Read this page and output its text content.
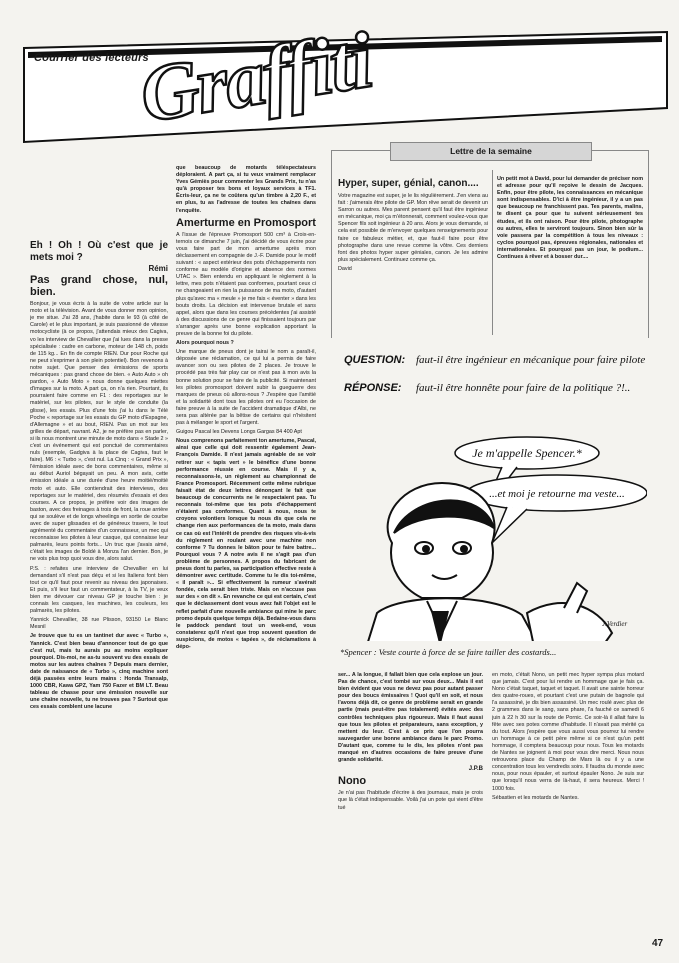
Courrier des lecteurs
Graffiti
Eh ! Oh ! Où c'est que je mets moi ?
Rémi
Pas grand chose, nul, bien.

Bonjour, je vous écris à la suite de votre article sur la moto et la télévision. Avant de vous donner mon opinion, je me situe. J'ai 28 ans, j'habite dans le 93 (à côté de Carole) et le plus important, je suis passionné de vitesse motocycliste (à ce propos, j'attendais mieux des Cagiva, vo les interview de Chevallier que j'ai lues dans la presse spécialisée : cadre en carbone, moteur de 148 ch, poids de 115 kg... En fin de compte RIEN. Dur pour Roche qui ne peut s'exprimer à son plein potentiel). Bon revenons à notre sujet. Que penser des émissions de sports mécaniques : pas grand chose de bien. « Auto Auto » oh pardon, « Auto Moto » nous donne quelques miettes d'images sur la moto. A part ça, on n'a rien. Pourtant, ils pourraient faire comme en F1 : des reportages sur le matériel, sur les pilotes, sur le style de conduite (la glisse), les essais. Plus d'une fois j'ai lu dans le Télé Poche « reportage sur les essais du GP moto d'Espagne, d'Allemagne » et au bout, RIEN. Pas un mot sur les grilles de départ, navrant. A2, je ne préfère pas en parler, si ils nous montrent une minute de moto dans « Stade 2 » c'est un événement qui est ponctué de commentaires nuls (exemple, Gadgiva à la place de Cagiva, faut le faire). M6 : « Turbo », c'est nul. La Cinq : « Grand Prix », l'émission idéale avec de bons commentaires, même si au début Auriol bégayait un peu. A mon avis, cette émission idéale a une durée d'une heure moitié/moitié moto et auto. Elle contiendrait des interviews, des reportages sur le matériel, des résumés d'essais et des courses. A ce propos, je préfère voir des images de baston, avec des freinages à trois de front, la roue arrière qui se soulève et de longs wheelings en sortie de courbe avec de super glissades et de généreux travers, le tout agrémenté du commentaire d'un connaisseur, un mec qui reconnaisse les pilotes à leur casque, qui connaisse leur palmarès, leurs points forts... Un truc que j'avais aimé, c'était les images de Boldé à Monza l'an dernier. Bon, je ne vois plus trop quoi vous dire, alors salut.

P.S. : refaites une interview de Chevallier en lui demandant s'il n'est pas déçu et si les Italiens font bien tout ce qu'il faut pour revenir au niveau des japonaises. Et puis, s'il leur faut un commentateur, à la TV, je veux bien me dévouer car niveau GP je touche bien : je connais les casques, les machines, les couleurs, les palmarès, les pilotes.

Yannick Chevallier, 38 rue Plisson, 93150 Le Blanc Mesnil

Je trouve que tu es un tantinet dur avec « Turbo », Yannick. C'est bien beau d'annoncer tout de go que c'est nul, mais tu aurais pu au moins expliquer pourquoi. Dis-moi, ne as-tu souvent vu des essais de motos sur les autres chaînes ? Depuis mars dernier, date de naissance de « Turbo », cinq machine sont déjà passées entre leurs mains : Honda Transalp, 1000 CBR, Kawa GPZ, Yam 750 Fazer et BM LT. Beau tableau de chasse pour une émission nouvelle sur une chaîne nouvelle, tu ne trouves pas ? Surtout que ces essais comblent une lacune

que beaucoup de motards téléspectateurs déploraient. A part ça, si tu veux vraiment remplacer Yves Gémiès pour commenter les Grands Prix, tu n'as qu'à proposer tes bons et loyaux services à TF1. Écris-leur, ça ne te coûtera qu'un timbre à 2,20 F., et en plus, tu as l'adresse de toutes les chaînes dans l'enquête.

Amerturme en Promosport

A l'issue de l'épreuve Promosport 500 cm³ à Croix-en-ternois ce dimanche 7 juin, j'ai décidé de vous écrire pour vous faire part de mon amertume après mon déclassement en compagnie de J.-F. Damide pour le motif suivant : « aspect extérieur des pots d'échappements non conforme au modèle d'origine et absence des normes UTAC ». Bien entendu en appliquant le règlement à la lettre, mes pots n'étaient pas conformes, pourtant ceux ci ne changeaient en rien la puissance de ma moto, d'autant plus qu'avec ma « meule » je me fais « éventer » dans les bouts droits. La décision est intervenue brutale et sans appel, alors que dans les courses précédentes j'ai assisté à des discussions de ce genre qui finissaient toujours par s'arranger après une bonne explication apportant la preuve de la bonne foi du pilote.

Alors pourquoi nous ?

Une marque de pneus dont je tairai le nom a paraît-il, déposée une réclamation, ce qui lui a permis de faire avancer son ou ses pilotes de 2 places. Je trouve le procédé pas très fair play car ce n'est pas à mon avis la bonne solution pour se faire de la publicité. Si maintenant les pilotes promosport doivent subir la gueguerre des marques de pneus où allons-nous ? J'espère que l'amitié et la solidarité dont tous les pilotes ont eu l'occasion de faire preuve à la suite de l'accident dramatique d'Albi, ne sera pas altérée par la bêtise de certains qui n'hésitent pas à mélanger le sport et l'argent.

Guigou Pascal les Devens Longs Gargas 84 400 Apt

Nous comprenons parfaitement ton amertume, Pascal, ainsi que celle qui doit ressentir également Jean-François Damide. Il n'est jamais agréable de se voir retirer sur « tapis vert » le bénéfice d'une bonne performance réussie en course. Mais il y a, reconnaissons-le, un règlement au championnat de France Promosport. Récemment cette même rubrique faisait état de deux lettres dénonçant le fait que beaucoup de concurrents ne le respectaient pas. Tu reconnais toi-même que tes pots d'échappement n'étaient pas conformes. Quant à nous, nous te croyons volontiers lorsque tu nous dis que cela ne change rien aux performances de ta moto, mais dans ce cas où est l'intérêt de prendre des risques vis-à-vis du règlement en roulant avec une machine non conforme ? Tu donnes le bâton pour te faire battre... Pourquoi vous ? A notre avis il ne s'agit pas d'un problème de personnes. A propos du fabricant de pneus dont tu parles, sa participation effective reste à démontrer avec certitude. Comme tu le dis toi-même, « il paraît »... Si effectivement la rumeur s'avérait fondée, cela serait bien triste. Mais on n'accuse pas sur des « on dit ». En revanche ce qui est certain, c'est que le déclassement dont vous avez fait l'objet est le reflet parfait d'une nouvelle ambiance qui mine le parc promo depuis quelque temps déjà. Bedaine-vous dans le paddock pendant tout un week-end, vous constaterez qu'il n'est que trop souvent question de suspicions, de motos « tapées », de réclamations à dépo-

Lettre de la semaine
Hyper, super, génial, canon....

Votre magazine est super, je le lis régulièrement. J'en viens au fait : j'aimerais être pilote de GP. Mon rêve serait de devenir un Sarron ou autres. Mes parent pensent qu'il faut être ingénieur en mécanique, moi ça m'étonnerait, comment voulez-vous que Spencer fils soit ingénieur à 20 ans. Alors je vous demande, si cela est possible de m'envoyer quelques renseignements pour faire ce fabuleux métier, et, que faut-il faire pour être photographe dans une revue comme la vôtre. Ces derniers font des photos hyper super géniales, canon. Je les admire plus spécialement. Continuez comme ça.

David

Un petit mot à David, pour lui demander de préciser nom et adresse pour qu'il reçoive le dessin de Jacques. Enfin, pour être pilote, les connaissances en mécanique sont indispensables. D'ici à être ingénieur, il y a un pas que beaucoup ne franchissent pas. Tes parents, malins, te disent ça pour que tu suivent sérieusement tes études, et ils ont raison. Pour être pilote, photographe ou autres, elles te serviront toujours. Sinon bien sûr la voie passera par la compétition à tous les niveaux : cyclos pourquoi pas, épreuves régionales, nationales et internationales. Et pourquoi pas un jour, le podium... Continues à rêver et à bosser dur....

QUESTION: faut-il être ingénieur en mécanique pour faire pilote ?!..
RÉPONSE: faut-il être honnête pour faire de la politique ?!..
Je m'appelle Spencer.*
...et moi je retourne ma veste...
J.Verdier
*Spencer : Veste courte à force de se faire tailler des costards...

ser... A la longue, il fallait bien que cela explose un jour. Pas de chance, c'est tombé sur vous deux... Mais il est bien évident que vous ne devez pas pour autant passer pour des boucs émissaires ! Quoi qu'il en soit, et nous l'avons déjà dit, ce genre de problème serait en grande partie (mais peut-être pas totalement) évités avec des contrôles techniques plus rigoureux. Mais il faut aussi que tous les pilotes et préparateurs, sans exception, y mettent du leur. C'est à ce prix que l'on pourra sauvegarder une bonne ambiance dans le parc Promo. D'autant que, comme tu le dis, les pilotes n'ont pas manqué en d'autres occasions de faire preuve d'une grande solidarité.

J.P.B
Nono

Je n'ai pas l'habitude d'écrire à des journaux, mais je crois que là c'était indispensable. Voilà j'ai un pote qui vient d'être tué

en moto, c'était Nono, un petit mec hyper sympa plus motard que jamais. C'est pour lui rendre un hommage que je fais ça. Nono c'était taquet, taquet et taquet. Il avait une sainte horreur des quatre-roues, et pourtant c'est une putain de bagnole qui l'a assassiné, je dis bien assassiné. Un mec roulé avec plus de 2 grammes dans le sang, sans phare, l'a fauché ce samedi 6 juin à 22 h 30 sur la route de Pornic. Ce soir-là il allait faire la fête avec ses potes comme d'habitude. Il n'avait pas mérité ça du tout. Alors j'espère que vous aussi vous pourrez lui rendre un hommage à ce petit père même si ce n'est qu'un petit hommage, il comptera beaucoup pour nous. Tous les motards de Nantes se joignent à moi pour vous dire merci. Nous nous retrouvons place du Champ de Mars là ou il y a une concentration tous les vendredis soirs. Il faudra du monde avec nous, pour nous épauler, et surtout épauler Nono. Je suis sur que lorsqu'il nous verra de là-haut, il sera heureux. Merci ! 1000 fois.

Sébastien et les motards de Nantes.

47
